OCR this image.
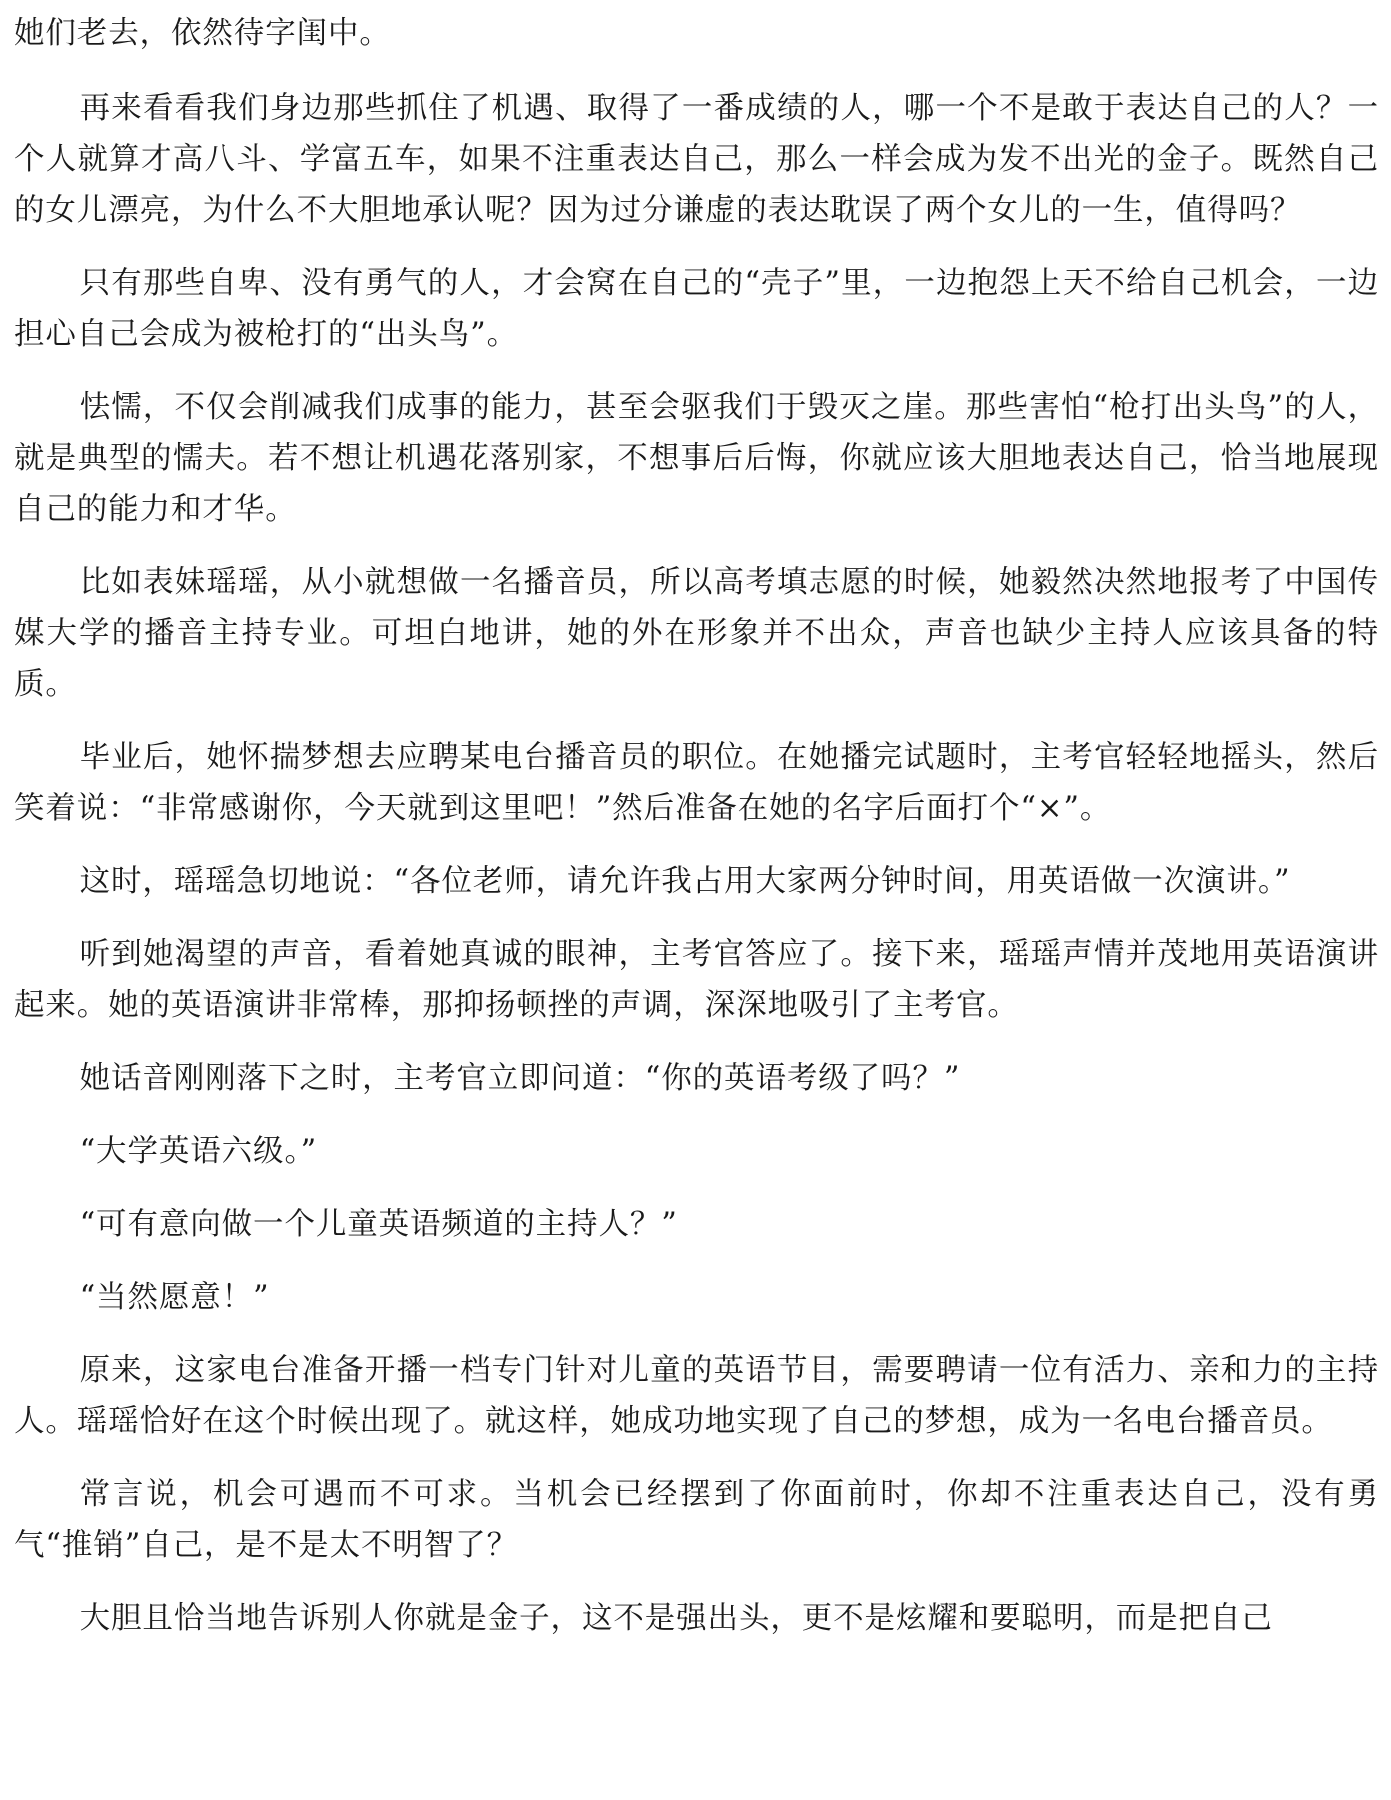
她们老去，依然待字闺中。

再来看看我们身边那些抓住了机遇、取得了一番成绩的人，哪一个不是敢于表达自己的人？一个人就算才高八斗、学富五车，如果不注重表达自己，那么一样会成为发不出光的金子。既然自己的女儿漂亮，为什么不大胆地承认呢？因为过分谦虚的表达耽误了两个女儿的一生，值得吗？

只有那些自卑、没有勇气的人，才会窝在自己的“壳子”里，一边抱怨上天不给自己机会，一边担心自己会成为被枪打的“出头鸟”。

怯懦，不仅会削减我们成事的能力，甚至会驱我们于毁灭之崖。那些害怕“枪打出头鸟”的人，就是典型的懦夫。若不想让机遇花落别家，不想事后后悔，你就应该大胆地表达自己，恰当地展现自己的能力和才华。

比如表妹瑶瑶，从小就想做一名播音员，所以高考填志愿的时候，她毅然决然地报考了中国传媒大学的播音主持专业。可坦白地讲，她的外在形象并不出众，声音也缺少主持人应该具备的特质。

毕业后，她怀揣梦想去应聘某电台播音员的职位。在她播完试题时，主考官轻轻地摇头，然后笑着说：“非常感谢你，今天就到这里吧！”然后准备在她的名字后面打个“×”。

这时，瑶瑶急切地说：“各位老师，请允许我占用大家两分钟时间，用英语做一次演讲。”

听到她渴望的声音，看着她真诚的眼神，主考官答应了。接下来，瑶瑶声情并茂地用英语演讲起来。她的英语演讲非常棒，那抑扬顿挫的声调，深深地吸引了主考官。

她话音刚刚落下之时，主考官立即问道：“你的英语考级了吗？”

“大学英语六级。”

“可有意向做一个儿童英语频道的主持人？”

“当然愿意！”

原来，这家电台准备开播一档专门针对儿童的英语节目，需要聘请一位有活力、亲和力的主持人。瑶瑶恰好在这个时候出现了。就这样，她成功地实现了自己的梦想，成为一名电台播音员。

常言说，机会可遇而不可求。当机会已经摆到了你面前时，你却不注重表达自己，没有勇气“推销”自己，是不是太不明智了？

大胆且恰当地告诉别人你就是金子，这不是强出头，更不是炫耀和要聪明，而是把自己
